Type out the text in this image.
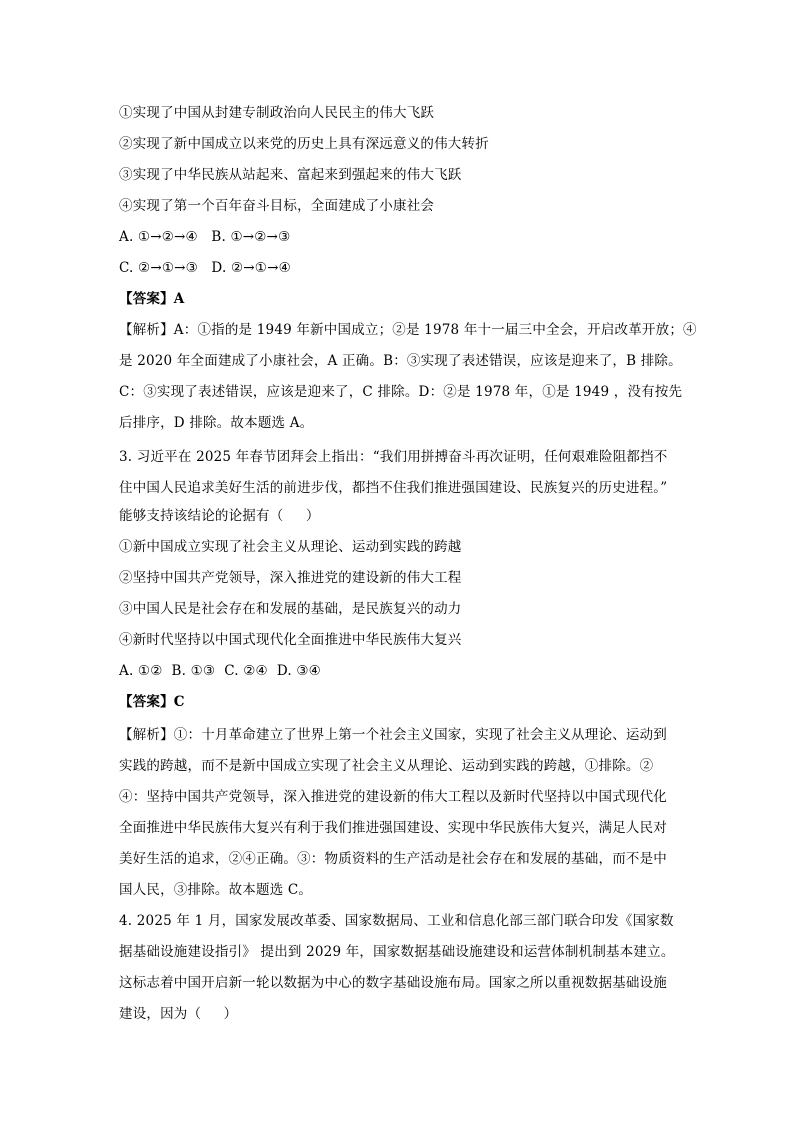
①实现了中国从封建专制政治向人民民主的伟大飞跃
②实现了新中国成立以来党的历史上具有深远意义的伟大转折
③实现了中华民族从站起来、富起来到强起来的伟大飞跃
④实现了第一个百年奋斗目标，全面建成了小康社会
A. ①→②→④   B. ①→②→③
C. ②→①→③   D. ②→①→④
【答案】A
【解析】A：①指的是 1949 年新中国成立；②是 1978 年十一届三中全会，开启改革开放；④
是 2020 年全面建成了小康社会，A 正确。B：③实现了表述错误，应该是迎来了，B 排除。
C：③实现了表述错误，应该是迎来了，C 排除。D：②是 1978 年，①是 1949 ，没有按先
后排序，D 排除。故本题选 A。
3. 习近平在 2025 年春节团拜会上指出：“我们用拼搏奋斗再次证明，任何艰难险阻都挡不
住中国人民追求美好生活的前进步伐，都挡不住我们推进强国建设、民族复兴的历史进程。”
能够支持该结论的论据有（     ）
①新中国成立实现了社会主义从理论、运动到实践的跨越
②坚持中国共产党领导，深入推进党的建设新的伟大工程
③中国人民是社会存在和发展的基础，是民族复兴的动力
④新时代坚持以中国式现代化全面推进中华民族伟大复兴
A. ①②  B. ①③  C. ②④  D. ③④
【答案】C
【解析】①：十月革命建立了世界上第一个社会主义国家，实现了社会主义从理论、运动到
实践的跨越，而不是新中国成立实现了社会主义从理论、运动到实践的跨越，①排除。②
④：坚持中国共产党领导，深入推进党的建设新的伟大工程以及新时代坚持以中国式现代化
全面推进中华民族伟大复兴有利于我们推进强国建设、实现中华民族伟大复兴，满足人民对
美好生活的追求，②④正确。③：物质资料的生产活动是社会存在和发展的基础，而不是中
国人民，③排除。故本题选 C。
4. 2025 年 1 月，国家发展改革委、国家数据局、工业和信息化部三部门联合印发《国家数
据基础设施建设指引》 提出到 2029 年，国家数据基础设施建设和运营体制机制基本建立。
这标志着中国开启新一轮以数据为中心的数字基础设施布局。国家之所以重视数据基础设施
建设，因为（     ）
